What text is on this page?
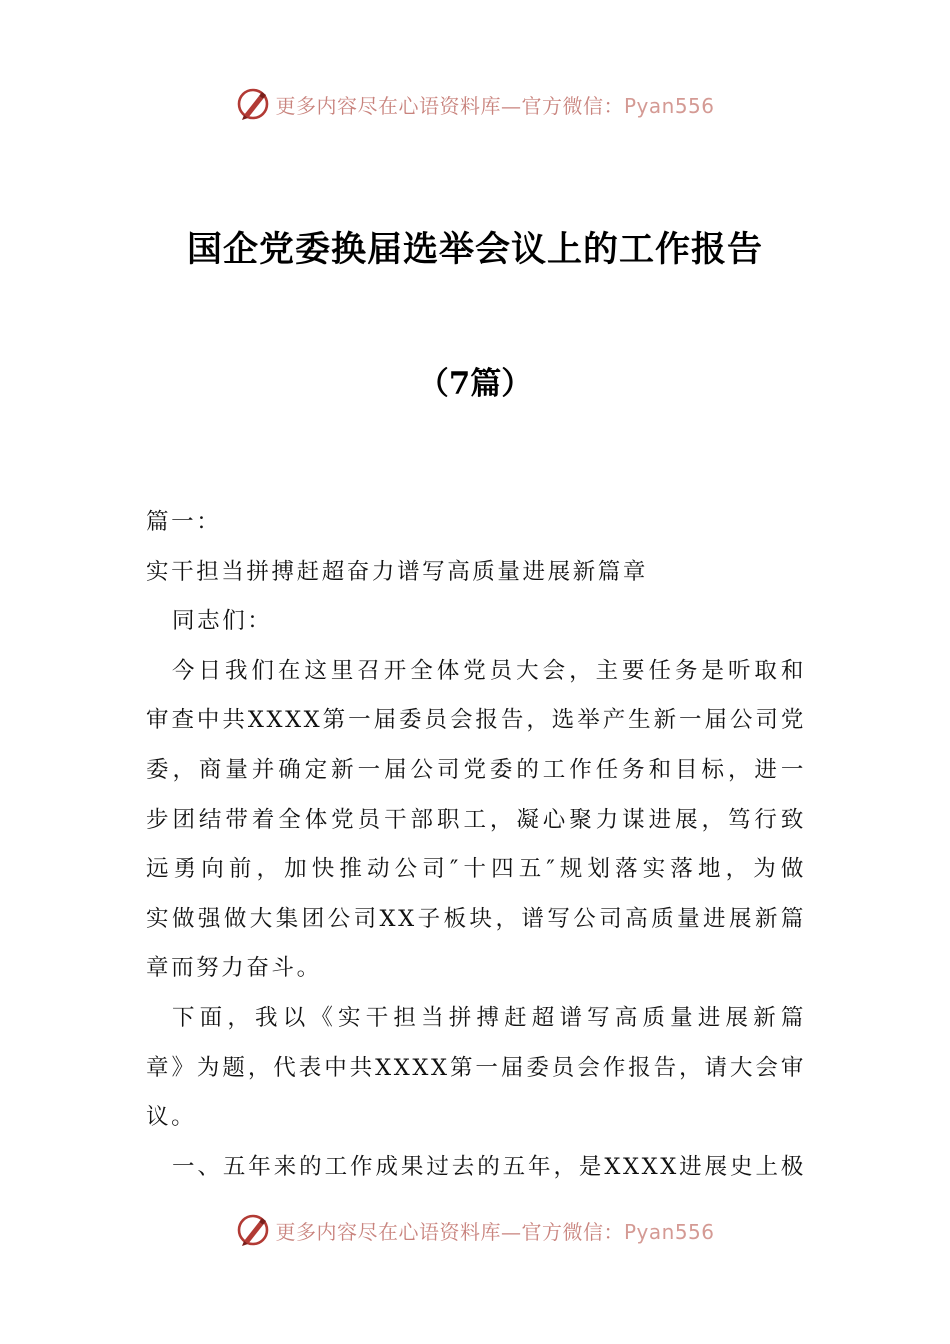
更多内容尽在心语资料库—官方微信：Pyan556
国企党委换届选举会议上的工作报告
（7篇）
篇一：
实干担当拼搏赶超奋力谱写高质量进展新篇章
同志们：
今日我们在这里召开全体党员大会，主要任务是听取和
审查中共XXXX第一届委员会报告，选举产生新一届公司党
委，商量并确定新一届公司党委的工作任务和目标，进一
步团结带着全体党员干部职工，凝心聚力谋进展，笃行致
远勇向前，加快推动公司″十四五″规划落实落地，为做
实做强做大集团公司XX子板块，谱写公司高质量进展新篇
章而努力奋斗。
下面，我以《实干担当拼搏赶超谱写高质量进展新篇
章》为题，代表中共XXXX第一届委员会作报告，请大会审
议。
一、五年来的工作成果过去的五年，是XXXX进展史上极
更多内容尽在心语资料库—官方微信：Pyan556
